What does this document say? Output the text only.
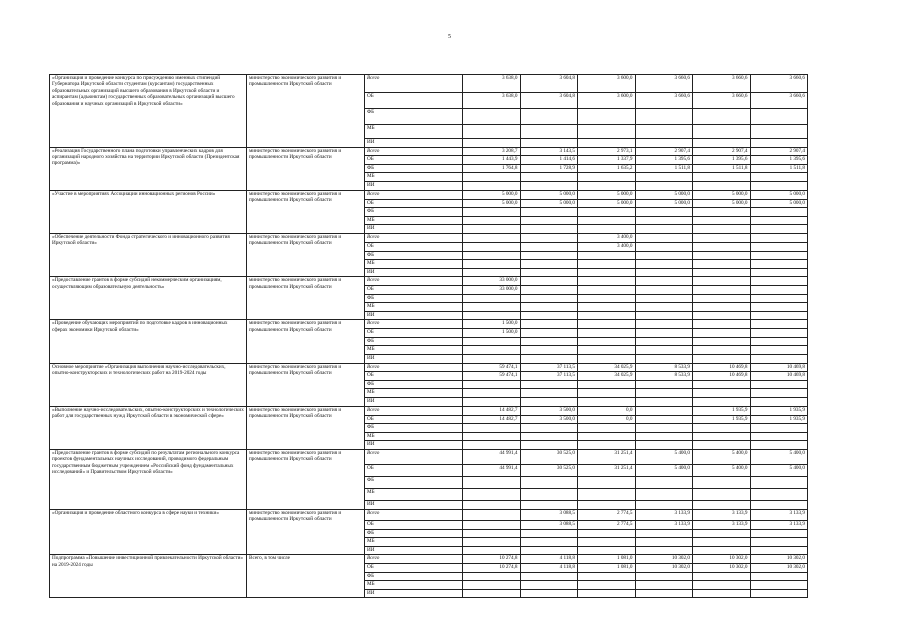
5
«Организация и проведение конкурса по присуждению именных стипендий Губернатора Иркутской области студентам (курсантам) государственных образовательных организаций высшего образования в Иркутской области и аспирантам (адъюнктам) государственных образовательных организаций высшего образования и научных организаций в Иркутской области»	министерство экономического развития и промышленности Иркутской области	Всего	3 638,0	3 604,8	3 600,0	3 660,6	3 660,6	3 660,6
		ОБ	3 638,0	3 604,8	3 600,0	3 660,6	3 660,6	3 660,6
		ФБ						
		МБ						
		ИИ						
«Реализация Государственного плана подготовки управленческих кадров для организаций народного хозяйства на территории Иркутской области (Президентская программа)»	министерство экономического развития и промышленности Иркутской области	Всего	3 208,7	3 143,5	2 973,1	2 907,4	2 907,4	2 907,4
		ОБ	1 443,9	1 414,6	1 337,9	1 395,6	1 395,6	1 395,6
		ФБ	1 764,8	1 728,9	1 635,2	1 511,8	1 511,8	1 511,8
		МБ						
		ИИ						
«Участие в мероприятиях Ассоциации инновационных регионов России»	министерство экономического развития и промышленности Иркутской области	Всего	5 000,0	5 000,0	5 000,0	5 000,0	5 000,0	5 000,0
		ОБ	5 000,0	5 000,0	5 000,0	5 000,0	5 000,0	5 000,0
		ФБ						
		МБ						
		ИИ						
«Обеспечение деятельности Фонда стратегического и инновационного развития Иркутской области»	министерство экономического развития и промышленности Иркутской области	Всего			3 400,0			
		ОБ			3 400,0			
		ФБ						
		МБ						
		ИИ						
«Предоставление грантов в форме субсидий некоммерческим организациям, осуществляющим образовательную деятельность»	министерство экономического развития и промышленности Иркутской области	Всего	33 000,0					
		ОБ	33 000,0					
		ФБ						
		МБ						
		ИИ						
«Проведение обучающих мероприятий по подготовке кадров в инновационных сферах экономики Иркутской области»	министерство экономического развития и промышленности Иркутской области	Всего	1 500,0					
		ОБ	1 500,0					
		ФБ						
		МБ						
		ИИ						
Основное мероприятие «Организация выполнения научно-исследовательских, опытно-конструкторских и технологических работ на 2019-2024 годы	министерство экономического развития и промышленности Иркутской области	Всего	59 474,1	37 113,5	34 025,9	8 533,9	10 469,8	10 469,8
		ОБ	59 474,1	37 113,5	34 025,9	8 533,9	10 469,8	10 469,8
		ФБ						
		МБ						
		ИИ						
«Выполнение научно-исследовательских, опытно-конструкторских и технологических работ для государственных нужд Иркутской области в экономической сфере»	министерство экономического развития и промышленности Иркутской области	Всего	14 482,7	3 500,0	0,0		1 935,9	1 935,9
		ОБ	14 482,7	3 500,0	0,0		1 935,9	1 935,9
		ФБ						
		МБ						
		ИИ						
«Предоставление грантов в форме субсидий по результатам регионального конкурса проектов фундаментальных научных исследований, проводимого федеральным государственным бюджетным учреждением «Российский фонд фундаментальных исследований» и Правительством Иркутской области»	министерство экономического развития и промышленности Иркутской области	Всего	44 991,4	30 525,0	31 251,4	5 400,0	5 400,0	5 400,0
		ОБ	44 991,4	30 525,0	31 251,4	5 400,0	5 400,0	5 400,0
		ФБ						
		МБ						
		ИИ						
«Организация и проведение областного конкурса в сфере науки и техники»	министерство экономического развития и промышленности Иркутской области	Всего		3 088,5	2 774,5	3 133,9	3 133,9	3 133,9
		ОБ		3 088,5	2 774,5	3 133,9	3 133,9	3 133,9
		ФБ						
		МБ						
		ИИ						
Подпрограмма «Повышение инвестиционной привлекательности Иркутской области» на 2019-2024 годы	Всего, в том числе	Всего	10 274,8	4 118,8	1 081,0	10 302,0	10 302,0	10 302,0
		ОБ	10 274,8	4 118,8	1 081,0	10 302,0	10 302,0	10 302,0
		ФБ						
		МБ						
		ИИ						
